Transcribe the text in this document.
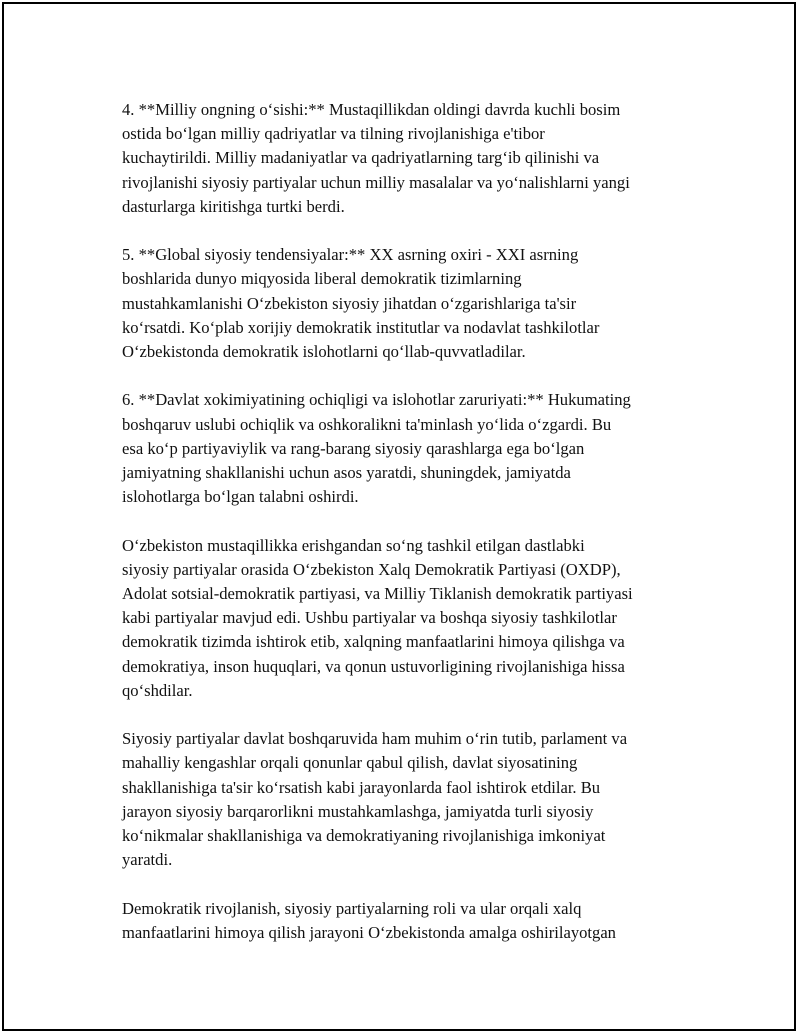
4. **Milliy ongning oʻsishi:** Mustaqillikdan oldingi davrda kuchli bosim
ostida boʻlgan milliy qadriyatlar va tilning rivojlanishiga e'tibor
kuchaytirildi. Milliy madaniyatlar va qadriyatlarning targʻib qilinishi va
rivojlanishi siyosiy partiyalar uchun milliy masalalar va yoʻnalishlarni yangi
dasturlarga kiritishga turtki berdi.

5. **Global siyosiy tendensiyalar:** XX asrning oxiri - XXI asrning
boshlarida dunyo miqyosida liberal demokratik tizimlarning
mustahkamlanishi Oʻzbekiston siyosiy jihatdan oʻzgarishlariga ta'sir
koʻrsatdi. Koʻplab xorijiy demokratik institutlar va nodavlat tashkilotlar
Oʻzbekistonda demokratik islohotlarni qoʻllab-quvvatladilar.

6. **Davlat xokimiyatining ochiqligi va islohotlar zaruriyati:** Hukumating
boshqaruv uslubi ochiqlik va oshkoralikni ta'minlash yoʻlida oʻzgardi. Bu
esa koʻp partiyaviylik va rang-barang siyosiy qarashlarga ega boʻlgan
jamiyatning shakllanishi uchun asos yaratdi, shuningdek, jamiyatda
islohotlarga boʻlgan talabni oshirdi.

Oʻzbekiston mustaqillikka erishgandan soʻng tashkil etilgan dastlabki
siyosiy partiyalar orasida Oʻzbekiston Xalq Demokratik Partiyasi (OXDP),
Adolat sotsial-demokratik partiyasi, va Milliy Tiklanish demokratik partiyasi
kabi partiyalar mavjud edi. Ushbu partiyalar va boshqa siyosiy tashkilotlar
demokratik tizimda ishtirok etib, xalqning manfaatlarini himoya qilishga va
demokratiya, inson huquqlari, va qonun ustuvorligining rivojlanishiga hissa
qoʻshdilar.

Siyosiy partiyalar davlat boshqaruvida ham muhim oʻrin tutib, parlament va
mahalliy kengashlar orqali qonunlar qabul qilish, davlat siyosatining
shakllanishiga ta'sir koʻrsatish kabi jarayonlarda faol ishtirok etdilar. Bu
jarayon siyosiy barqarorlikni mustahkamlashga, jamiyatda turli siyosiy
koʻnikmalar shakllanishiga va demokratiyaning rivojlanishiga imkoniyat
yaratdi.

Demokratik rivojlanish, siyosiy partiyalarning roli va ular orqali xalq
manfaatlarini himoya qilish jarayoni Oʻzbekistonda amalga oshirilayotgan
